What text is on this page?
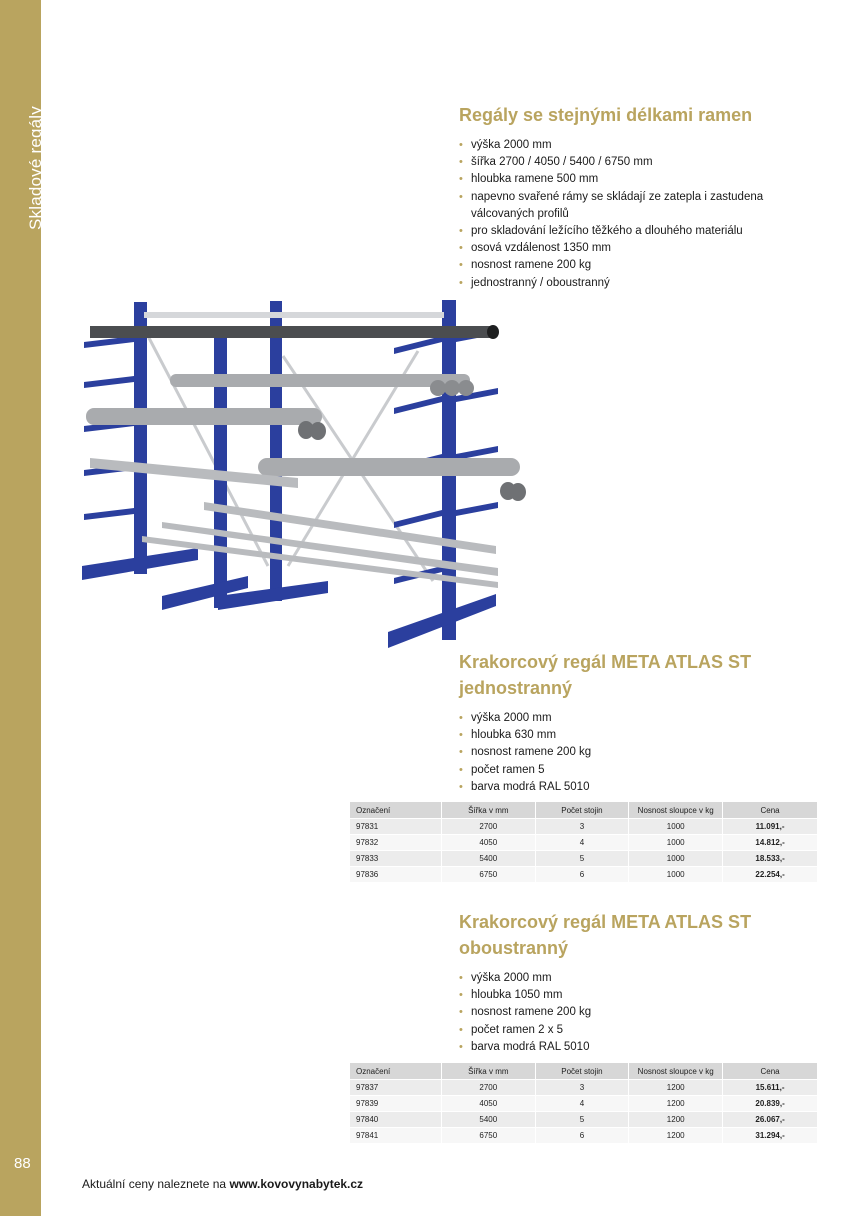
Skladové regály
88
Regály se stejnými délkami ramen
• výška 2000 mm
• šířka 2700 / 4050 / 5400 / 6750 mm
• hloubka ramene 500 mm
• napevno svařené rámy se skládají ze zatepla i zastudena válcovaných profilů
• pro skladování ležícího těžkého a dlouhého materiálu
• osová vzdálenost 1350 mm
• nosnost ramene 200 kg
• jednostranný / oboustranný
Krakorcový regál META ATLAS ST
jednostranný
• výška 2000 mm
• hloubka 630 mm
• nosnost ramene 200 kg
• počet ramen 5
• barva modrá RAL 5010
Označení	Šířka v mm	Počet stojin	Nosnost sloupce v kg	Cena
97831	2700	3	1000	11.091,-
97832	4050	4	1000	14.812,-
97833	5400	5	1000	18.533,-
97836	6750	6	1000	22.254,-
Krakorcový regál META ATLAS ST
oboustranný
• výška 2000 mm
• hloubka 1050 mm
• nosnost ramene 200 kg
• počet ramen 2 x 5
• barva modrá RAL 5010
Označení	Šířka v mm	Počet stojin	Nosnost sloupce v kg	Cena
97837	2700	3	1200	15.611,-
97839	4050	4	1200	20.839,-
97840	5400	5	1200	26.067,-
97841	6750	6	1200	31.294,-
Aktuální ceny naleznete na www.kovovynabytek.cz
